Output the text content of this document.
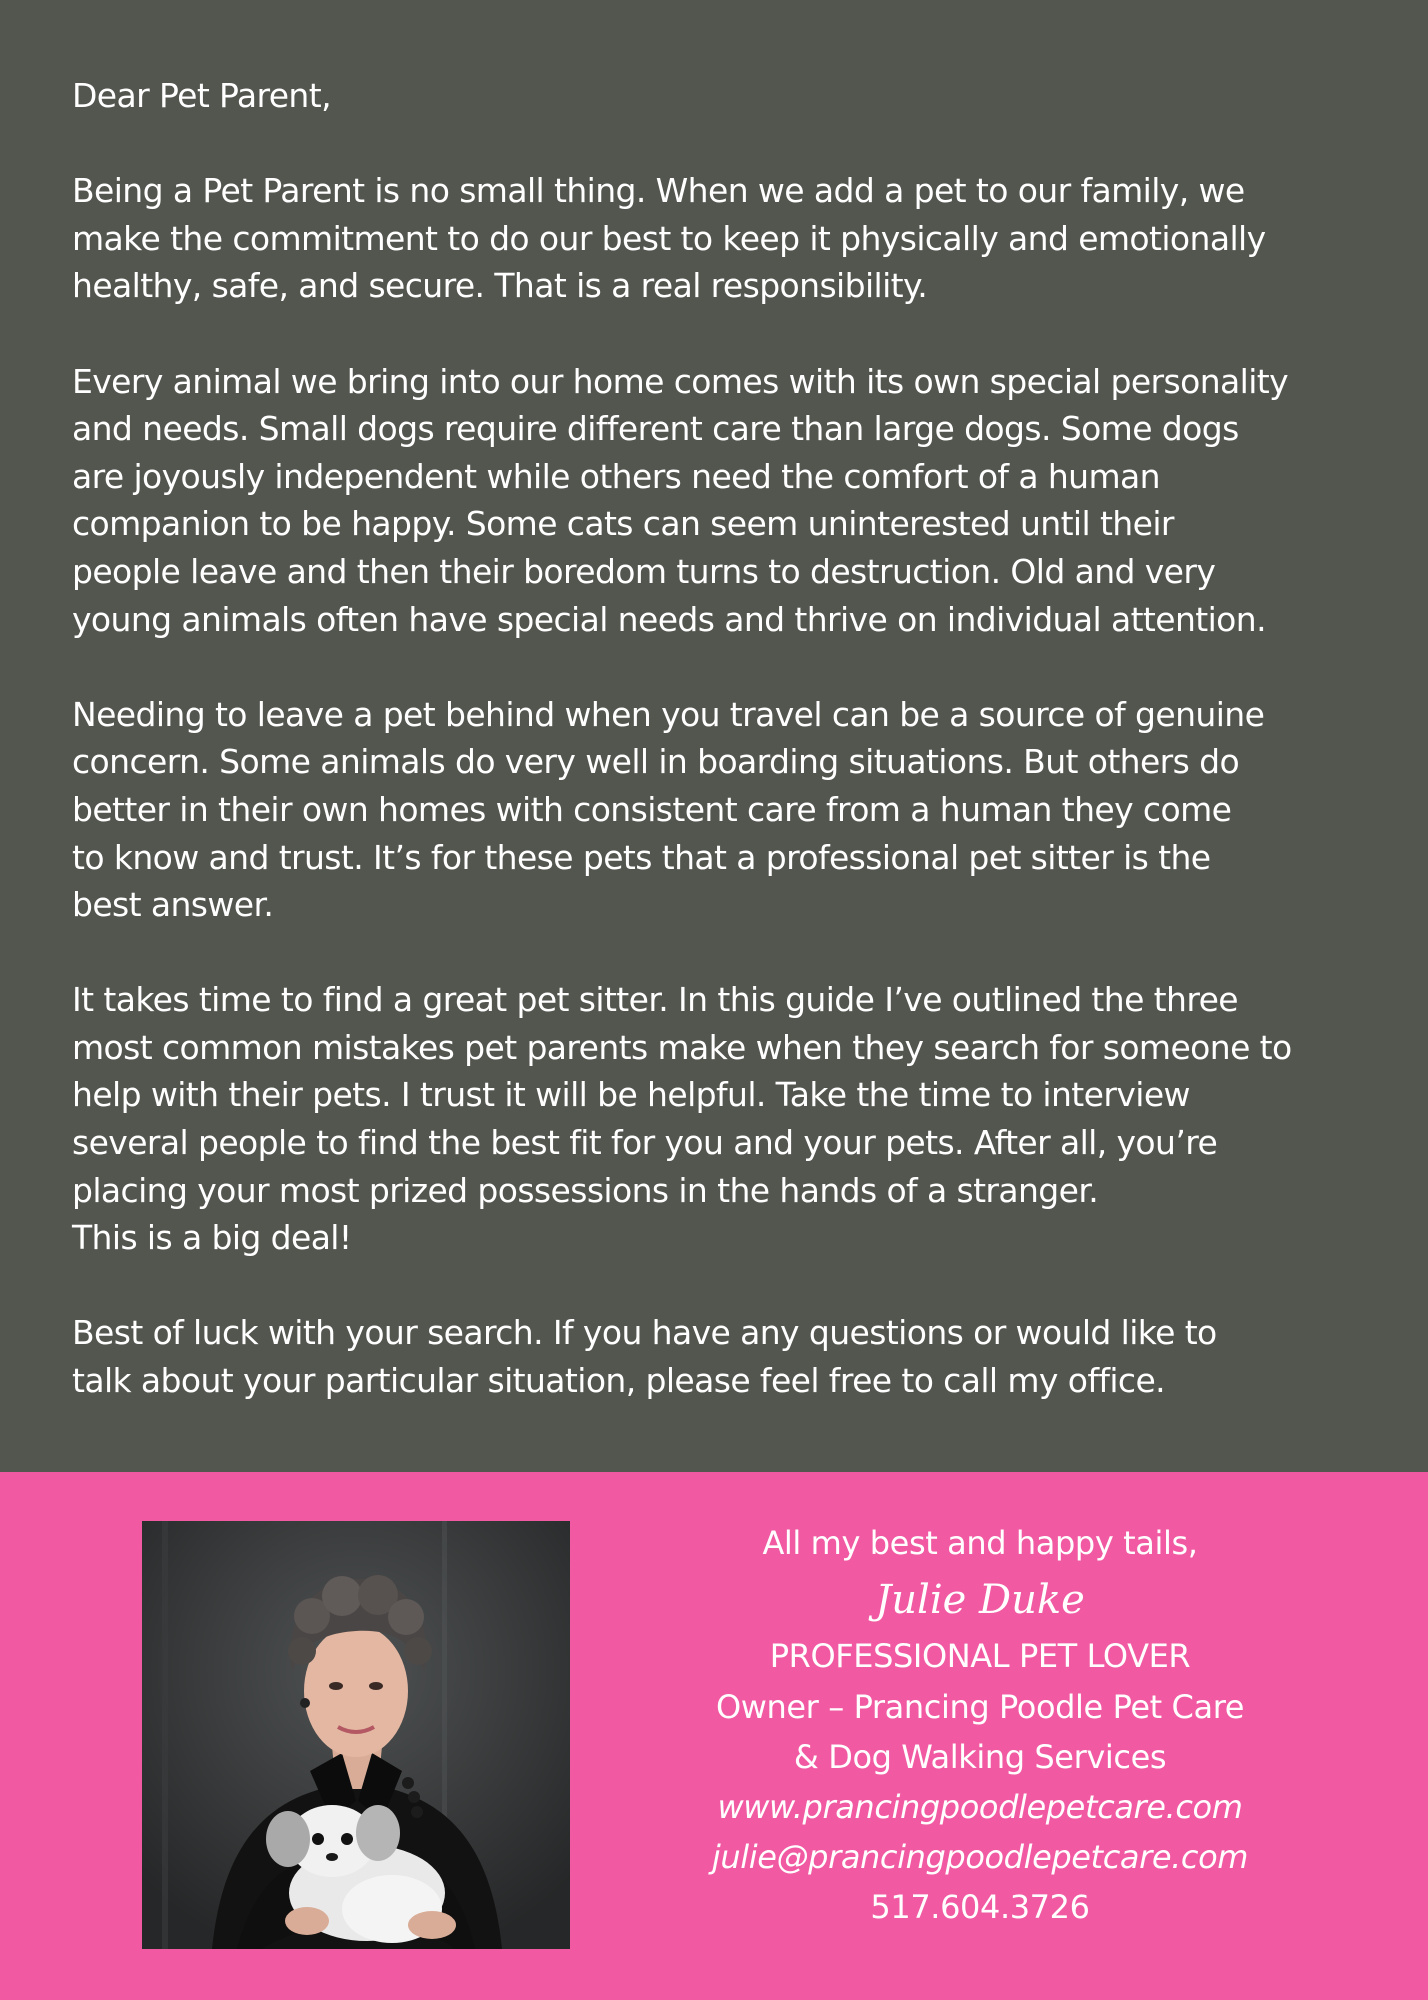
Dear Pet Parent,

Being a Pet Parent is no small thing. When we add a pet to our family, we
make the commitment to do our best to keep it physically and emotionally
healthy, safe, and secure. That is a real responsibility.

Every animal we bring into our home comes with its own special personality
and needs. Small dogs require different care than large dogs. Some dogs
are joyously independent while others need the comfort of a human
companion to be happy. Some cats can seem uninterested until their
people leave and then their boredom turns to destruction. Old and very
young animals often have special needs and thrive on individual attention.

Needing to leave a pet behind when you travel can be a source of genuine
concern. Some animals do very well in boarding situations. But others do
better in their own homes with consistent care from a human they come
to know and trust. It’s for these pets that a professional pet sitter is the
best answer.

It takes time to find a great pet sitter. In this guide I’ve outlined the three
most common mistakes pet parents make when they search for someone to
help with their pets. I trust it will be helpful. Take the time to interview
several people to find the best fit for you and your pets. After all, you’re
placing your most prized possessions in the hands of a stranger.
This is a big deal!

Best of luck with your search. If you have any questions or would like to
talk about your particular situation, please feel free to call my office.

All my best and happy tails,
Julie Duke
PROFESSIONAL PET LOVER
Owner – Prancing Poodle Pet Care
& Dog Walking Services
www.prancingpoodlepetcare.com
julie@prancingpoodlepetcare.com
517.604.3726
